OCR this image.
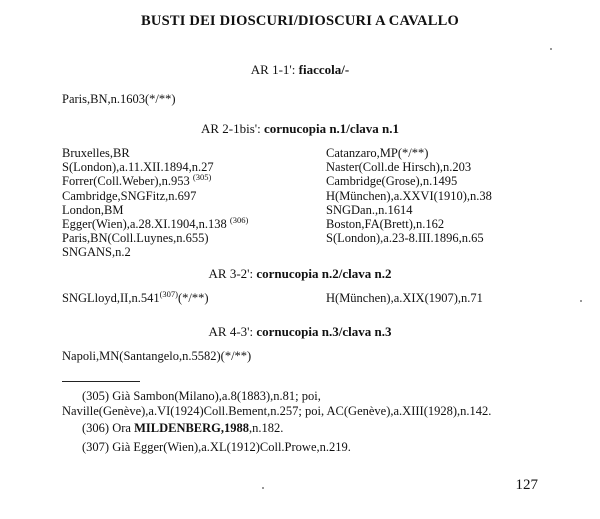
BUSTI DEI DIOSCURI/DIOSCURI A CAVALLO
AR 1-1': fiaccola/-
Paris,BN,n.1603(*/**)
AR 2-1bis': cornucopia n.1/clava n.1
Bruxelles,BR
S(London),a.11.XII.1894,n.27
Forrer(Coll.Weber),n.953 $^{(305)}$
Cambridge,SNGFitz,n.697
London,BM
Egger(Wien),a.28.XI.1904,n.138 $^{(306)}$
Paris,BN(Coll.Luynes,n.655)
SNGANS,n.2
Catanzaro,MP(*/**)
Naster(Coll.de Hirsch),n.203
Cambridge(Grose),n.1495
H(München),a.XXVI(1910),n.38
SNGDan.,n.1614
Boston,FA(Brett),n.162
S(London),a.23-8.III.1896,n.65
AR 3-2': cornucopia n.2/clava n.2
SNGLloyd,II,n.541$^{(307)}$(*/**)	H(München),a.XIX(1907),n.71
AR 4-3': cornucopia n.3/clava n.3
Napoli,MN(Santangelo,n.5582)(*/**)
(305) Già Sambon(Milano),a.8(1883),n.81; poi, Naville(Genève),a.VI(1924)Coll.Bement,n.257; poi, AC(Genève),a.XIII(1928),n.142.
(306) Ora MILDENBERG,1988,n.182.
(307) Già Egger(Wien),a.XL(1912)Coll.Prowe,n.219.
127
